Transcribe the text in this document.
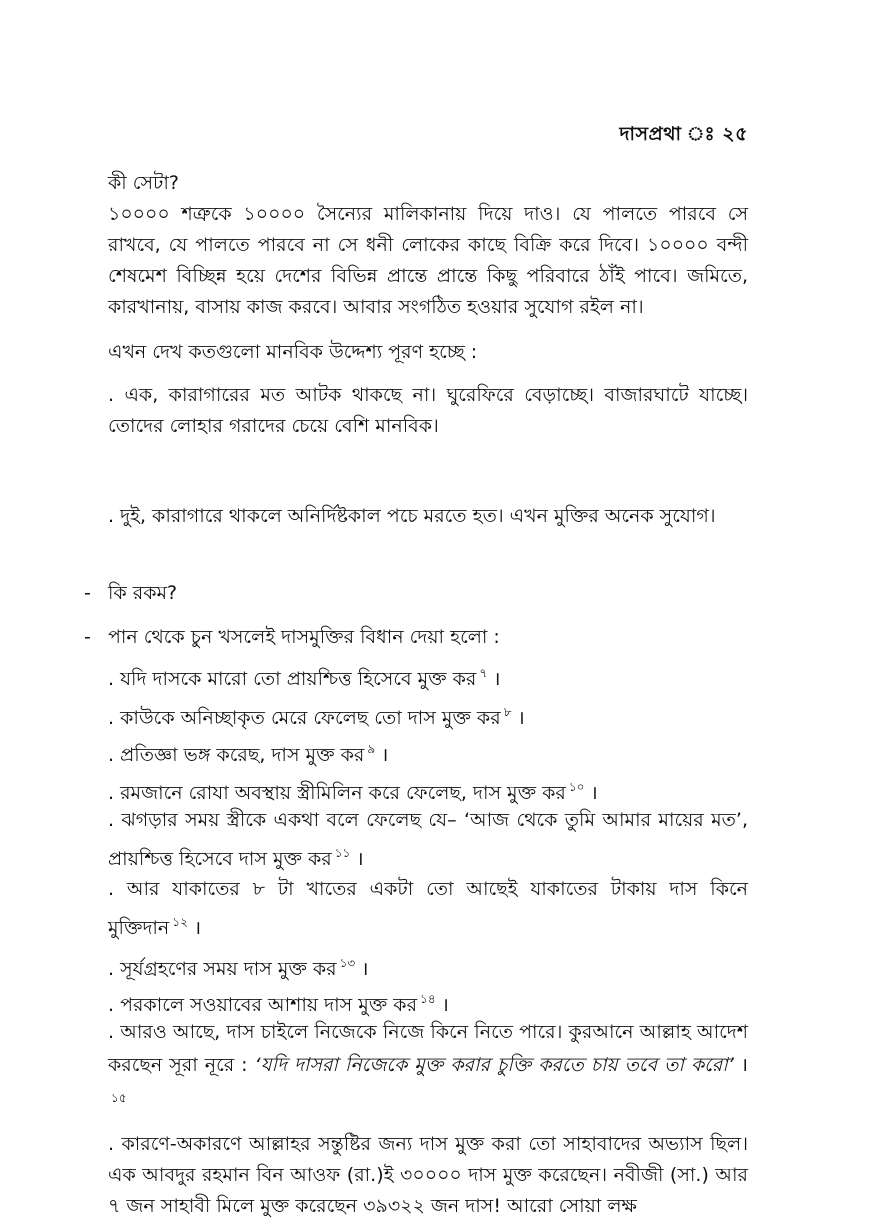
দাসপ্রথা ঃ ২৫
কী সেটা?

১০০০০ শত্রুকে ১০০০০ সৈন্যের মালিকানায় দিয়ে দাও। যে পালতে পারবে সে রাখবে, যে পালতে পারবে না সে ধনী লোকের কাছে বিক্রি করে দিবে। ১০০০০ বন্দী শেষমেশ বিচ্ছিন্ন হয়ে দেশের বিভিন্ন প্রান্তে প্রান্তে কিছু পরিবারে ঠাঁই পাবে। জমিতে, কারখানায়, বাসায় কাজ করবে। আবার সংগঠিত হওয়ার সুযোগ রইল না।

এখন দেখ কতগুলো মানবিক উদ্দেশ্য পূরণ হচ্ছে :
. এক, কারাগারের মত আটক থাকছে না। ঘুরেফিরে বেড়াচ্ছে। বাজারঘাটে যাচ্ছে। তোদের লোহার গরাদের চেয়ে বেশি মানবিক।
. দুই, কারাগারে থাকলে অনির্দিষ্টকাল পচে মরতে হত। এখন মুক্তির অনেক সুযোগ।
- কি রকম?
- পান থেকে চুন খসলেই দাসমুক্তির বিধান দেয়া হলো :
. যদি দাসকে মারো তো প্রায়শ্চিত্ত হিসেবে মুক্ত কর $^৭$ ।
. কাউকে অনিচ্ছাকৃত মেরে ফেলেছ তো দাস মুক্ত কর $^৮$ ।
. প্রতিজ্ঞা ভঙ্গ করেছ, দাস মুক্ত কর $^৯$ ।
. রমজানে রোযা অবস্থায় স্ত্রীমিলিন করে ফেলেছ, দাস মুক্ত কর $^{১০}$ ।
. ঝগড়ার সময় স্ত্রীকে একথা বলে ফেলেছ যে– ‘আজ থেকে তুমি আমার মায়ের মত’, প্রায়শ্চিত্ত হিসেবে দাস মুক্ত কর $^{১১}$ ।
. আর যাকাতের ৮ টা খাতের একটা তো আছেই যাকাতের টাকায় দাস কিনে মুক্তিদান $^{১২}$ ।
. সূর্যগ্রহণের সময় দাস মুক্ত কর $^{১৩}$ ।
. পরকালে সওয়াবের আশায় দাস মুক্ত কর $^{১৪}$ ।
. আরও আছে, দাস চাইলে নিজেকে নিজে কিনে নিতে পারে। কুরআনে আল্লাহ আদেশ করছেন সূরা নূরে : ‘যদি দাসরা নিজেকে মুক্ত করার চুক্তি করতে চায় তবে তা করো’ ।$^{১৫}$
. কারণে-অকারণে আল্লাহর সন্তুষ্টির জন্য দাস মুক্ত করা তো সাহাবাদের অভ্যাস ছিল। এক আবদুর রহমান বিন আওফ (রা.)ই ৩০০০০ দাস মুক্ত করেছেন। নবীজী (সা.) আর ৭ জন সাহাবী মিলে মুক্ত করেছেন ৩৯৩২২ জন দাস! আরো সোয়া লক্ষ
